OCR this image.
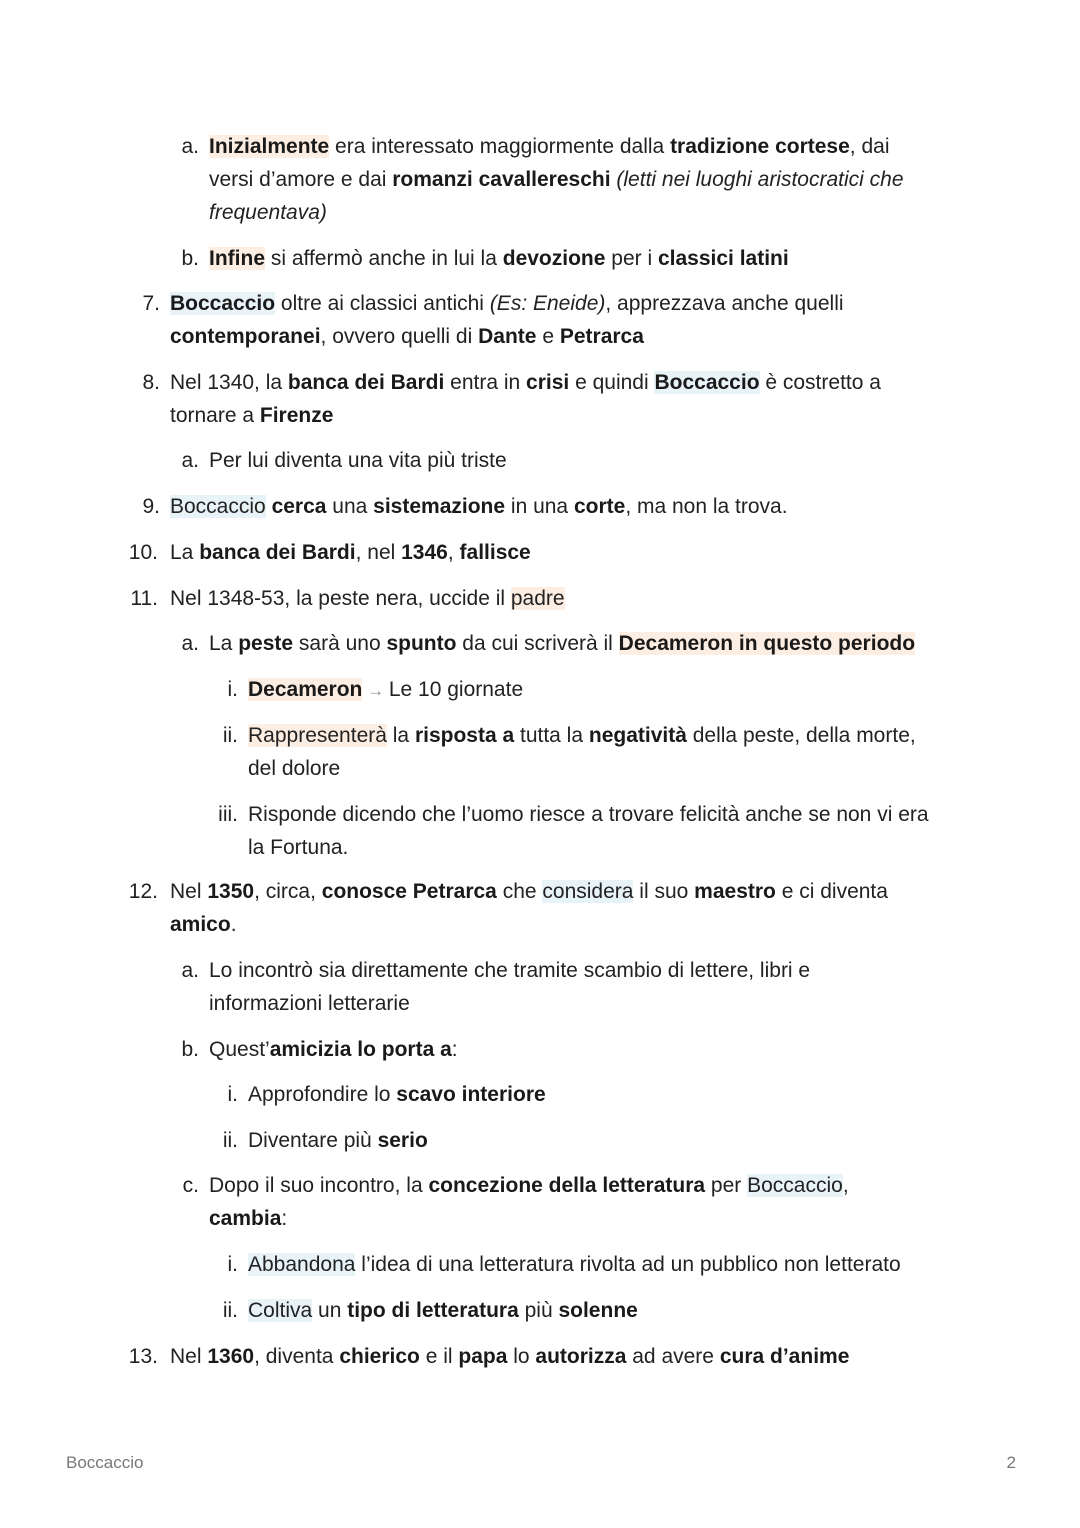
a. Inizialmente era interessato maggiormente dalla tradizione cortese, dai versi d’amore e dai romanzi cavallereschi (letti nei luoghi aristocratici che frequentava)
b. Infine si affermò anche in lui la devozione per i classici latini
7. Boccaccio oltre ai classici antichi (Es: Eneide), apprezzava anche quelli contemporanei, ovvero quelli di Dante e Petrarca
8. Nel 1340, la banca dei Bardi entra in crisi e quindi Boccaccio è costretto a tornare a Firenze
a. Per lui diventa una vita più triste
9. Boccaccio cerca una sistemazione in una corte, ma non la trova.
10. La banca dei Bardi, nel 1346, fallisce
11. Nel 1348-53, la peste nera, uccide il padre
a. La peste sarà uno spunto da cui scriverà il Decameron in questo periodo
i. Decameron → Le 10 giornate
ii. Rappresenterà la risposta a tutta la negatività della peste, della morte, del dolore
iii. Risponde dicendo che l’uomo riesce a trovare felicità anche se non vi era la Fortuna.
12. Nel 1350, circa, conosce Petrarca che considera il suo maestro e ci diventa amico.
a. Lo incontrò sia direttamente che tramite scambio di lettere, libri e informazioni letterarie
b. Quest’amicizia lo porta a:
i. Approfondire lo scavo interiore
ii. Diventare più serio
c. Dopo il suo incontro, la concezione della letteratura per Boccaccio, cambia:
i. Abbandona l’idea di una letteratura rivolta ad un pubblico non letterato
ii. Coltiva un tipo di letteratura più solenne
13. Nel 1360, diventa chierico e il papa lo autorizza ad avere cura d’anime
Boccaccio	2
